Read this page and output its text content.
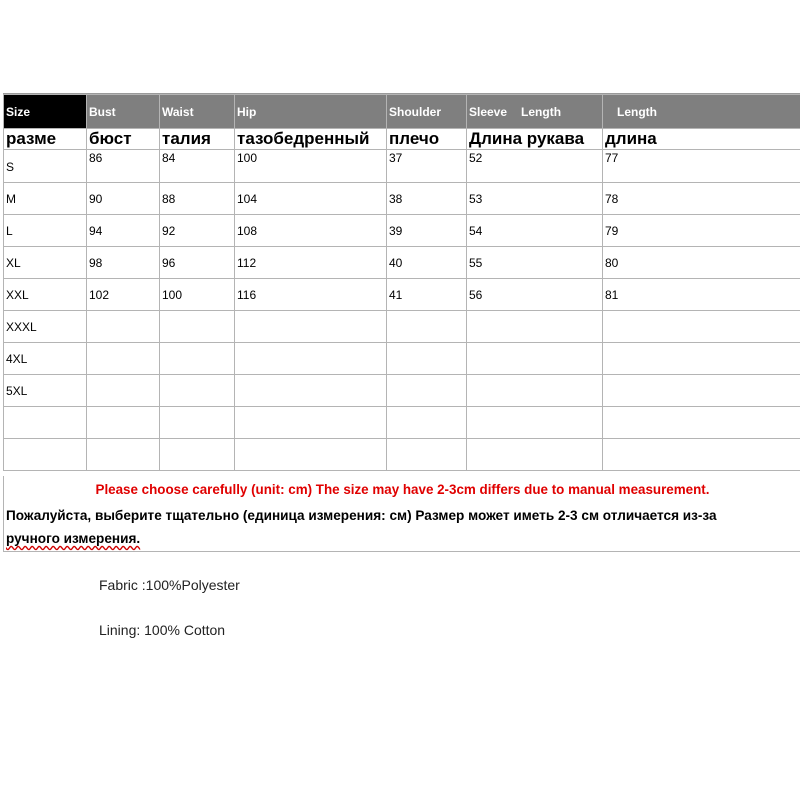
Size	Bust	Waist	Hip	Shoulder	Sleeve Length	Length
разме	бюст	талия	тазобедренный	плечо	Длина рукава	длина
S	86	84	100	37	52	77
M	90	88	104	38	53	78
L	94	92	108	39	54	79
XL	98	96	112	40	55	80
XXL	102	100	116	41	56	81
XXXL						
4XL						
5XL						

Please choose carefully (unit: cm) The size may have 2-3cm differs due to manual measurement.
Пожалуйста, выберите тщательно (единица измерения: см) Размер может иметь 2-3 см отличается из-за
ручного измерения.
Fabric :100%Polyester
Lining: 100% Cotton
